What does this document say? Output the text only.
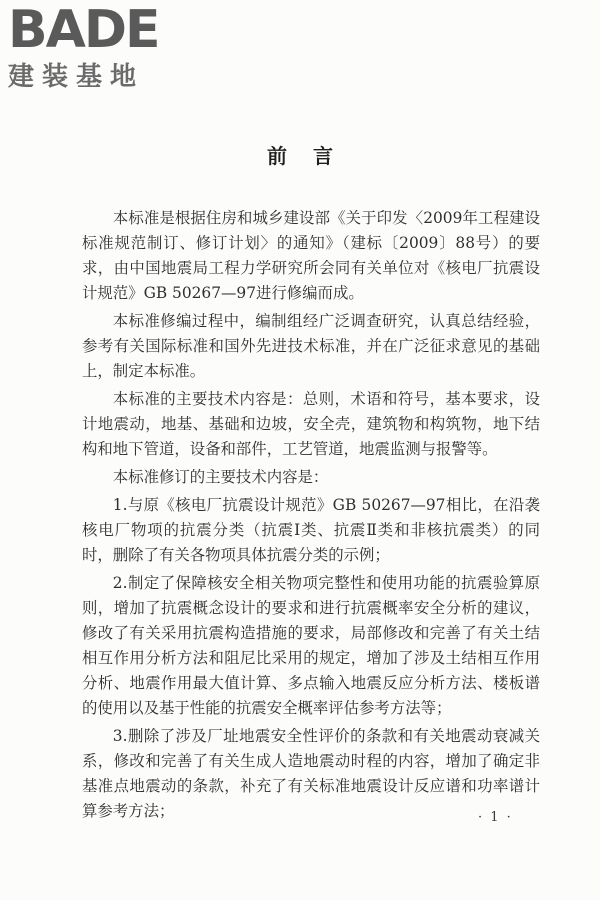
BADE
建装基地
前言

本标准是根据住房和城乡建设部《关于印发〈2009年工程建设标准规范制订、修订计划〉的通知》（建标〔2009〕88号）的要求，由中国地震局工程力学研究所会同有关单位对《核电厂抗震设计规范》GB 50267—97进行修编而成。

本标准修编过程中，编制组经广泛调查研究，认真总结经验，参考有关国际标准和国外先进技术标准，并在广泛征求意见的基础上，制定本标准。

本标准的主要技术内容是：总则，术语和符号，基本要求，设计地震动，地基、基础和边坡，安全壳，建筑物和构筑物，地下结构和地下管道，设备和部件，工艺管道，地震监测与报警等。

本标准修订的主要技术内容是：

1.与原《核电厂抗震设计规范》GB 50267—97相比，在沿袭核电厂物项的抗震分类（抗震Ⅰ类、抗震Ⅱ类和非核抗震类）的同时，删除了有关各物项具体抗震分类的示例；

2.制定了保障核安全相关物项完整性和使用功能的抗震验算原则，增加了抗震概念设计的要求和进行抗震概率安全分析的建议，修改了有关采用抗震构造措施的要求，局部修改和完善了有关土结相互作用分析方法和阻尼比采用的规定，增加了涉及土结相互作用分析、地震作用最大值计算、多点输入地震反应分析方法、楼板谱的使用以及基于性能的抗震安全概率评估参考方法等；

3.删除了涉及厂址地震安全性评价的条款和有关地震动衰减关系，修改和完善了有关生成人造地震动时程的内容，增加了确定非基准点地震动的条款，补充了有关标准地震设计反应谱和功率谱计算参考方法；	· 1 ·
